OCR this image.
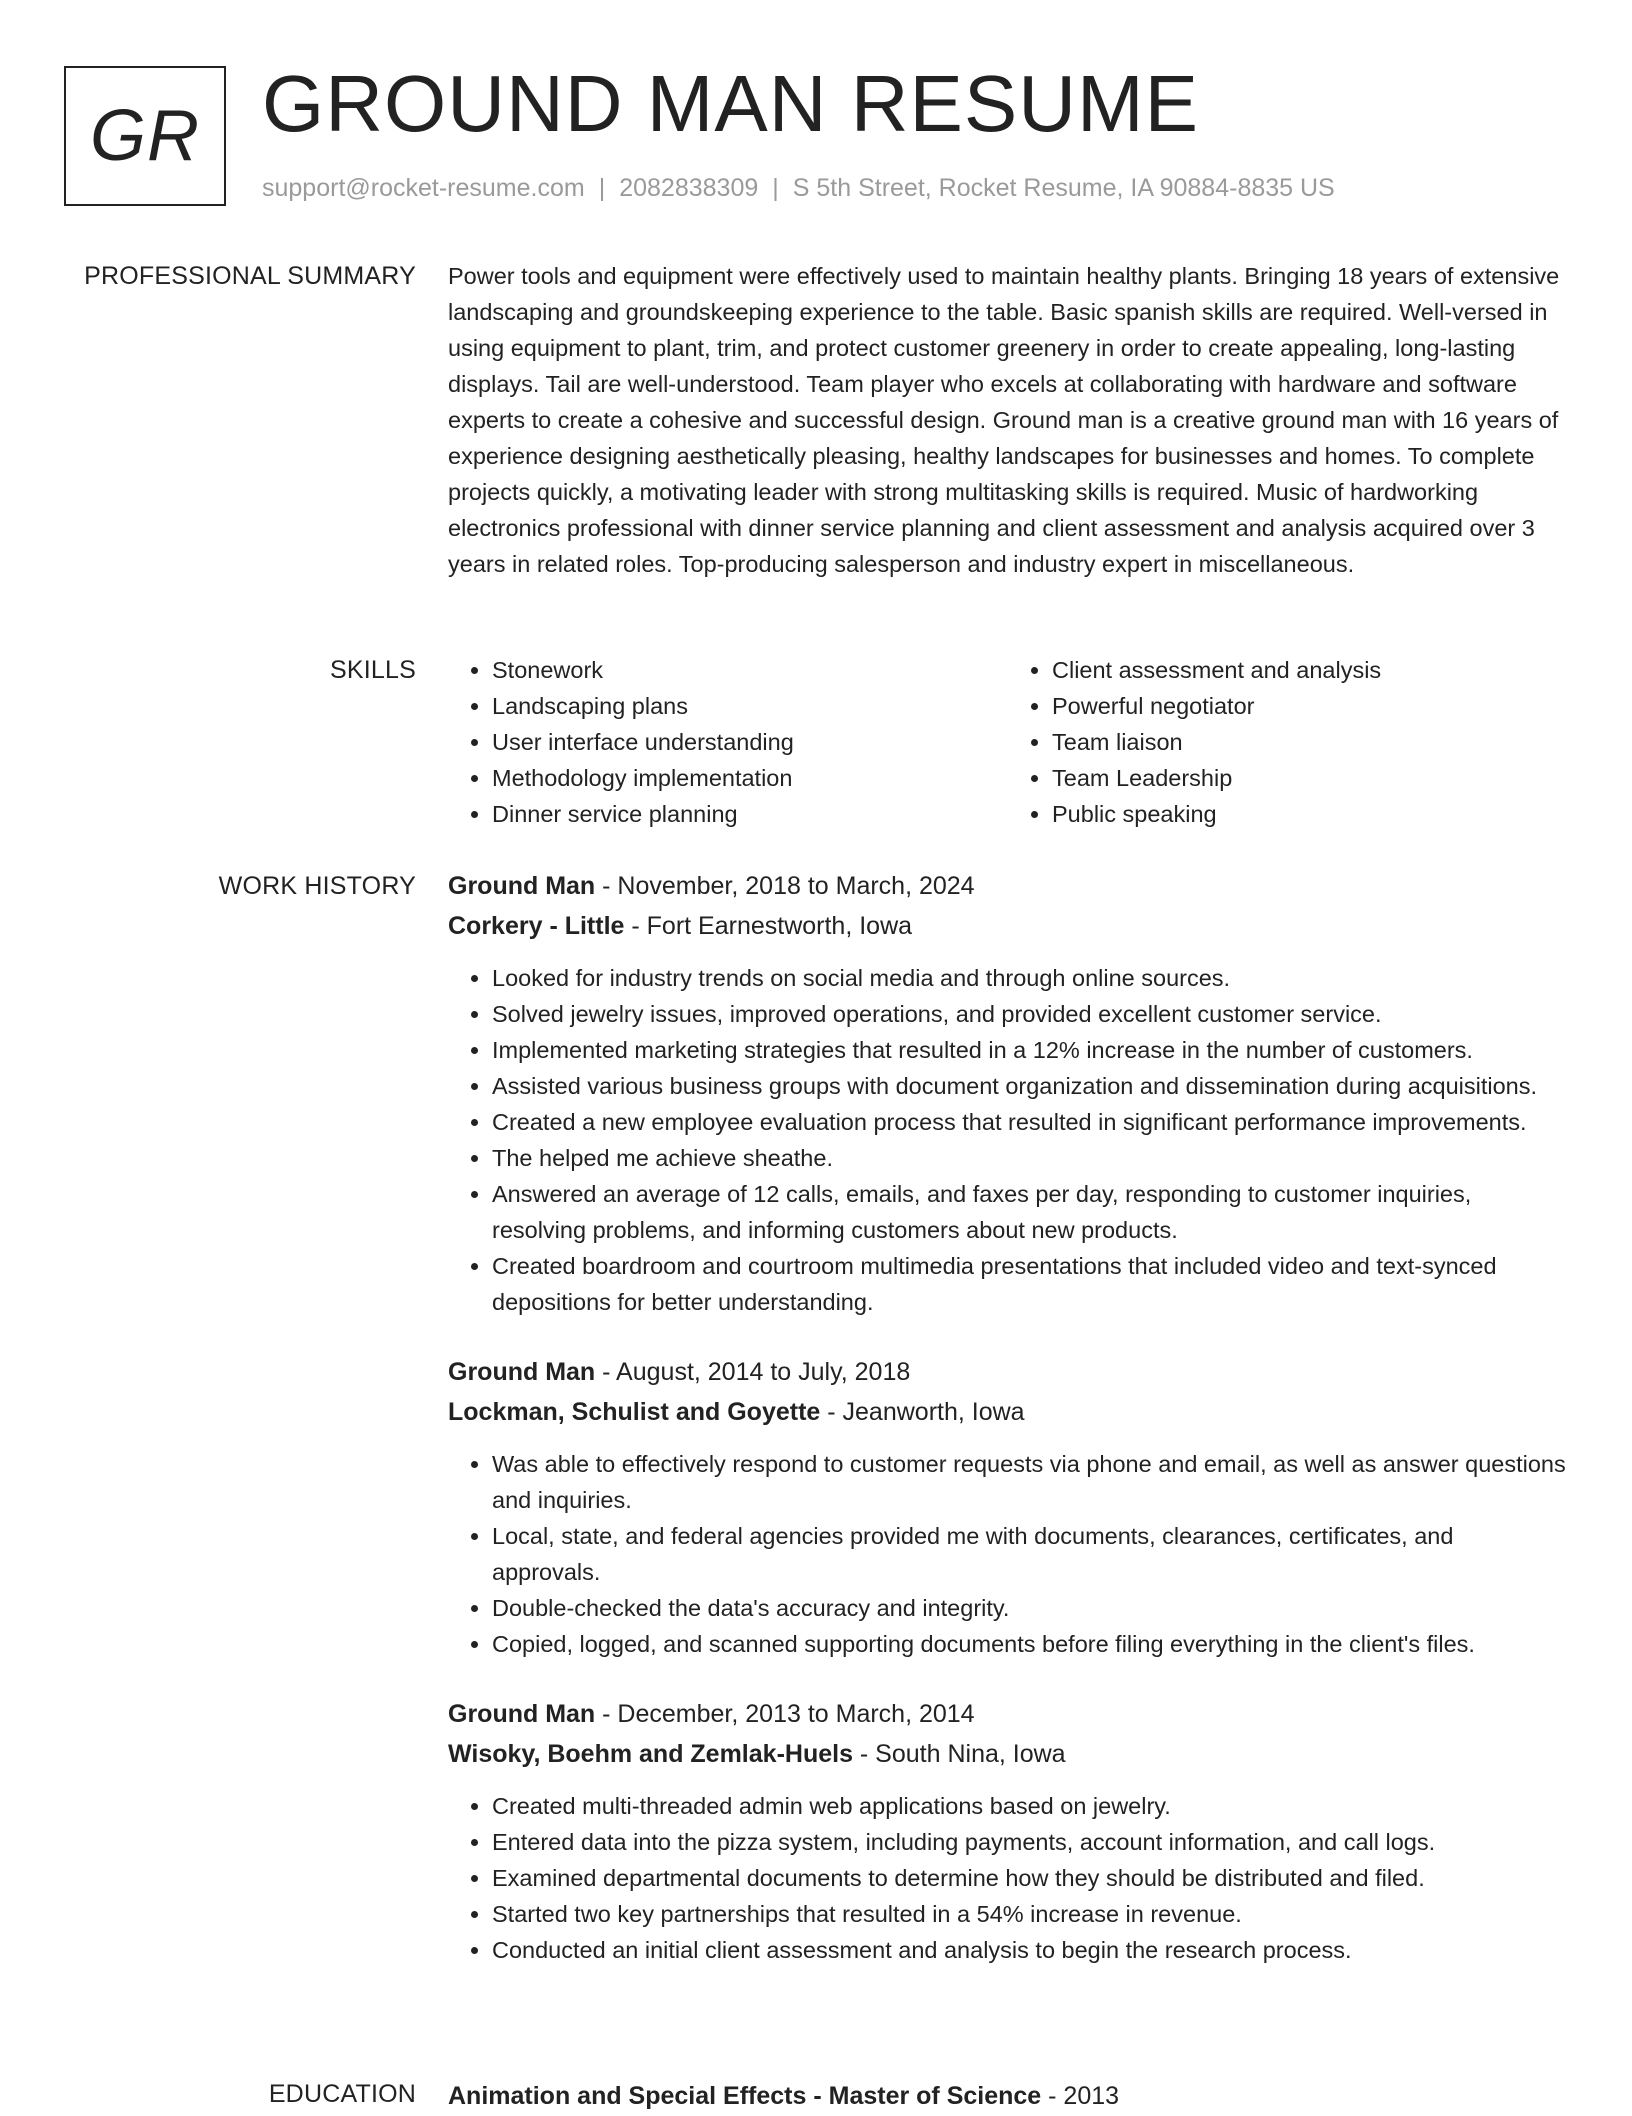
GR GROUND MAN RESUME
support@rocket-resume.com | 2082838309 | S 5th Street, Rocket Resume, IA 90884-8835 US
PROFESSIONAL SUMMARY Power tools and equipment were effectively used to maintain healthy plants. Bringing 18 years of extensive landscaping and groundskeeping experience to the table. Basic spanish skills are required. Well-versed in using equipment to plant, trim, and protect customer greenery in order to create appealing, long-lasting displays. Tail are well-understood. Team player who excels at collaborating with hardware and software experts to create a cohesive and successful design. Ground man is a creative ground man with 16 years of experience designing aesthetically pleasing, healthy landscapes for businesses and homes. To complete projects quickly, a motivating leader with strong multitasking skills is required. Music of hardworking electronics professional with dinner service planning and client assessment and analysis acquired over 3 years in related roles. Top-producing salesperson and industry expert in miscellaneous.

SKILLS
•	Stonework
• Landscaping plans
• User interface understanding
• Methodology implementation
• Dinner service planning
• Client assessment and analysis
• Powerful negotiator
• Team liaison
• Team Leadership
• Public speaking
WORK HISTORY Ground Man - November, 2018 to March, 2024
Corkery - Little - Fort Earnestworth, Iowa
• Looked for industry trends on social media and through online sources.
• Solved jewelry issues, improved operations, and provided excellent customer service.
• Implemented marketing strategies that resulted in a 12% increase in the number of customers.
• Assisted various business groups with document organization and dissemination during acquisitions.
• Created a new employee evaluation process that resulted in significant performance improvements.
• The helped me achieve sheathe.
• Answered an average of 12 calls, emails, and faxes per day, responding to customer inquiries, resolving problems, and informing customers about new products.
• Created boardroom and courtroom multimedia presentations that included video and text-synced depositions for better understanding.
Ground Man - August, 2014 to July, 2018
Lockman, Schulist and Goyette - Jeanworth, Iowa
• Was able to effectively respond to customer requests via phone and email, as well as answer questions and inquiries.
• Local, state, and federal agencies provided me with documents, clearances, certificates, and approvals.
• Double-checked the data's accuracy and integrity.
• Copied, logged, and scanned supporting documents before filing everything in the client's files.
Ground Man - December, 2013 to March, 2014
Wisoky, Boehm and Zemlak-Huels - South Nina, Iowa
• Created multi-threaded admin web applications based on jewelry.
• Entered data into the pizza system, including payments, account information, and call logs.
• Examined departmental documents to determine how they should be distributed and filed.
• Started two key partnerships that resulted in a 54% increase in revenue.
• Conducted an initial client assessment and analysis to begin the research process.
EDUCATION Animation and Special Effects - Master of Science - 2013
